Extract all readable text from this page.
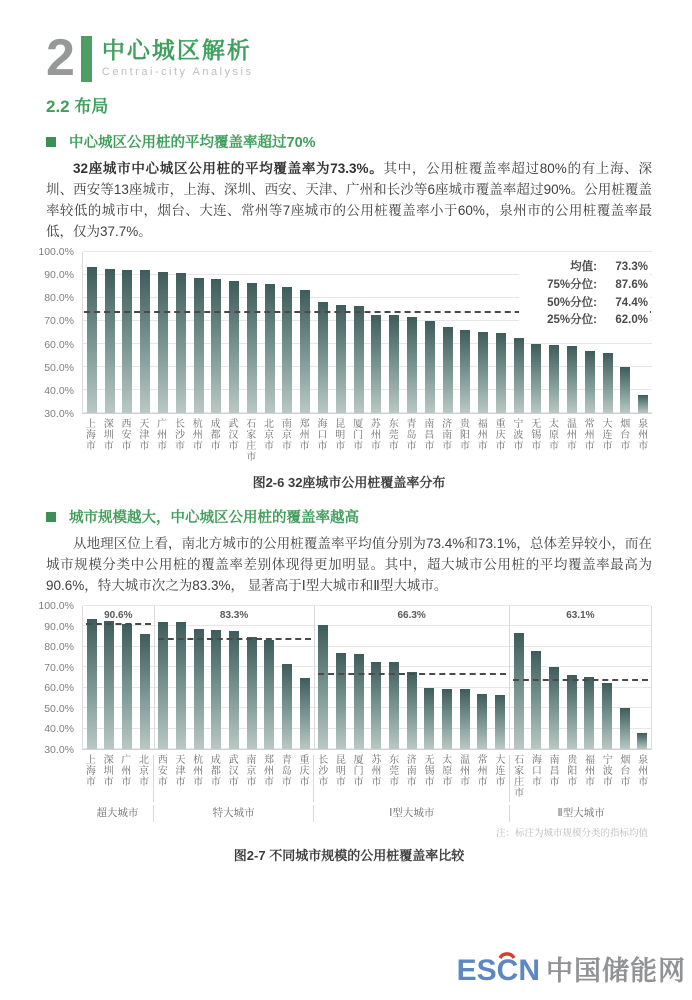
2 中心城区解析
Centrai-city Analysis
2.2 布局
中心城区公用桩的平均覆盖率超过70%

32座城市中心城区公用桩的平均覆盖率为73.3%。其中，公用桩覆盖率超过80%的有上海、深圳、西安等13座城市，上海、深圳、西安、天津、广州和长沙等6座城市覆盖率超过90%。公用桩覆盖率较低的城市中，烟台、大连、常州等7座城市的公用桩覆盖率小于60%，泉州市的公用桩覆盖率最低，仅为37.7%。

100.0%
90.0%
80.0%
70.0%
60.0%
50.0%
40.0%
30.0%
上
海
市
深
圳
市
西
安
市
天
津
市
广
州
市
长
沙
市
杭
州
市
成
都
市
武
汉
市
石
家
庄
市
北
京
市
南
京
市
郑
州
市
海
口
市
昆
明
市
厦
门
市
苏
州
市
东
莞
市
青
岛
市
南
昌
市
济
南
市
贵
阳
市
福
州
市
重
庆
市
宁
波
市
无
锡
市
太
原
市
温
州
市
常
州
市
大
连
市
烟
台
市
泉
州
市
均值:	73.3%
75%分位:	87.6%
50%分位:	74.4%
25%分位:	62.0%
图2-6 32座城市公用桩覆盖率分布
城市规模越大，中心城区公用桩的覆盖率越高

从地理区位上看，南北方城市的公用桩覆盖率平均值分别为73.4%和73.1%，总体差异较小，而在城市规模分类中公用桩的覆盖率差别体现得更加明显。其中，超大城市公用桩的平均覆盖率最高为90.6%，特大城市次之为83.3%， 显著高于Ⅰ型大城市和Ⅱ型大城市。

100.0%
90.0%
80.0%
70.0%
60.0%
50.0%
40.0%
30.0%
90.6%	83.3%	66.3%	63.1%
上
海
市
深
圳
市
广
州
市
北
京
市
西
安
市
天
津
市
杭
州
市
成
都
市
武
汉
市
南
京
市
郑
州
市
青
岛
市
重
庆
市
长
沙
市
昆
明
市
厦
门
市
苏
州
市
东
莞
市
济
南
市
无
锡
市
太
原
市
温
州
市
常
州
市
大
连
市
石
家
庄
市
海
口
市
南
昌
市
贵
阳
市
福
州
市
宁
波
市
烟
台
市
泉
州
市
超大城市	特大城市	Ⅰ型大城市	Ⅱ型大城市
注：标注为城市规模分类的指标均值
图2-7 不同城市规模的公用桩覆盖率比较
ESCN 中国储能网
